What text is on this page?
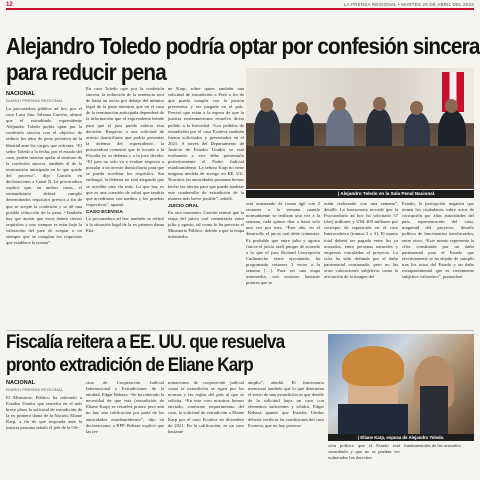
12	LA PRENSA REGIONAL • MARTES 25 DE ABRIL DEL 2023
Alejandro Toledo podría optar por confesión sincera
para reducir pena
NACIONAL
DIARIO PRENSA REGIONAL

La procuradora pública ad hoc por el caso Lava Jato, Silvana Carrión, afirmó que el extraditado expresidente Alejandro Toledo podría optar por la confesión sincera con el objetivo de reducir los años de pena privativa de la libertad ante los cargos que enfrenta. “El señor Toledo a la fecha, por el estado del caso, podría intentar apelar al instituto de la confesión sincera, también al de la terminación anticipada en lo que quede del proceso”, dijo Carrión en declaraciones a Canal N. La procuradora explicó que, en ambos casos, el exmandatario deberá cumplir determinados requisitos previos a fin de que se acepte la confesión y se dé una posible reducción de la pena. “También hay que anotar que estos tienen ciertos requisitos y uno siempre es estar bajo la valoración del juez de aceptar o no siempre que se cumplan los requisitos que establece la norma”.

En caso Toledo opte por la confesión sincera, la reducción de la sentencia será de hasta un tercio por debajo del mínimo legal de la pena mientras que en el caso de la terminación anticipada dependerá de la información que el expresidente brinde para que el juez pueda valorar esta decisión. Respecto a una solicitud de arresto domiciliario que podría presentar la defensa del expresidente, la procuradora comentó que le tocaría a la Fiscalía ya su defensa y a la juez decidir. “El juez no solo va a evaluar respecto a postular a un arresto domiciliario para que se pueda acreditar los requisitos. Sin embargo, la defensa no está alegando que se acredite otra vía más. Lo que hay es que es una cuestión de salud que tendría que acreditarse con medios y los pruebas respectivas”, apuntó.

CASO ECEVIGA

La procuradora ad hoc también se refirió a la situación legal de la ex primera dama Elia-

ne Karp, sobre quien también una solicitud de extradición a Perú a fin de que pueda cumplir con la prisión preventiva y ser juzgada en el país. Precisó que están a la espera de que la justicia norteamericana resuelva dicho pedido a la brevedad. “Los pedidos de extradición por el caso Ecoteva también fueron solicitados y presentados en el 2021. A través del Departamento de Justicia de Estados Unidos se está evaluando y este debe presentarlo posteriormente el Poder Judicial estadounidense. La señora Karp no tiene ninguna medida de arraigo en EE. UU. Nosotros las autoridades peruanas hemos hecho las alertas para que pueda analizar este cuadernillo de extradición de la manera más breve posible”, señaló.

JUICIO ORAL

En otro momento, Carrión estimó que la etapa del juicio oral comenzaría entre julio y agosto, tal como lo ha previsto el Ministerio Público, debido a que la etapa intermedia

| Alejandro Toledo en la Sala Penal Nacional.

está avanzando de forma ágil con 2 sesiones a la semana cuando normalmente se realizan una vez a la semana, cada quince días o hasta solo una vez por mes. “Este año, en el desarrollo el juicio oral debe comenzar. Es probable que entre julio y agosto (inicie el juicio oral) porque de acuerdo a lo que el juez Richard Concepción Carhuancho viene ejecutando, ha programado sesiones 2 veces a la semana […]. Para ser una etapa intermedia, son sesiones bastante prontas que se

están realizando con una semana”, detalló. La funcionaria recordó que la Procuraduría ad hoc ha solicitado 57 (dos) millones y US$ 400 millones por concepto de reparación en el caso Interoceánica (tramos 2 y 3). El monto total deberá ser pagado entre los ya acusados, entre personas naturales y empresas vinculadas al proyecto. La cifra ha sido definida por el daño patrimonial ocasionado, pero no las otras valoraciones subjetivas como la afectación de la imagen del

Estado, la percepción negativa que tienen los ciudadanos sobre actos de corrupción por altas autoridades del país, representación del caso, magnitud del proyecto, desafío político de funcionarios involucrados, entre otros. “Este monto representa la cifra constituida por un daño patrimonial para el Estado que efectivamente se ha dejado de cumplir tras los actos del Estado y un daño extrapatrimonial que es ciertamente subjetivo valorativo”, puntualizó.

Fiscalía reitera a EE. UU. que resuelva
pronto extradición de Eliane Karp
NACIONAL
DIARIO PRENSA REGIONAL

El Ministerio Público ha reiterado a Estados Unidos que resuelva en el más breve plazo la solicitud de extradición de la ex primera dama de la Nación, Eliane Karp, a fin de que responda ante la justicia peruana señaló el jefe de la Ofi-

cina de Cooperación Judicial Internacional y Extradiciones de la entidad, Edgar Rebaza. “Se ha reiterado la necesidad de que esta (extradición de Eliane Karp) se resuelva pronto pero aún no hay una calificación por parte de las autoridades estadounidenses”, dijo en declaraciones a RPP. Rebaza explicó que las ter-

minaciones de cooperación judicial como la extradición se rigen por las normas y las reglas del país al que se solicita. “En este caso nosotros hemos enviado, conforme requerimiento del caso, la solicitud de extradición a Eliane Karp por el caso Ecoteva en diciembre de 2021. En la calificación, es un caso bastante

amplio”, añadió. El funcionario mencionó también que lo que determina el envío de una extradición es que detalle de la solicitud haya un caso con elementos suficientes y sólidos. Edgar Rebaza apuntó que Estados Unidos debería verificar las condiciones del caso Ecoteva, que no hay persecu-

| Eliane Karp, esposa de Alejandro Toledo.

ción política que el Estado está consultado y que no se puedan ver vulnerados los derechos

fundamentales de los acusados.
